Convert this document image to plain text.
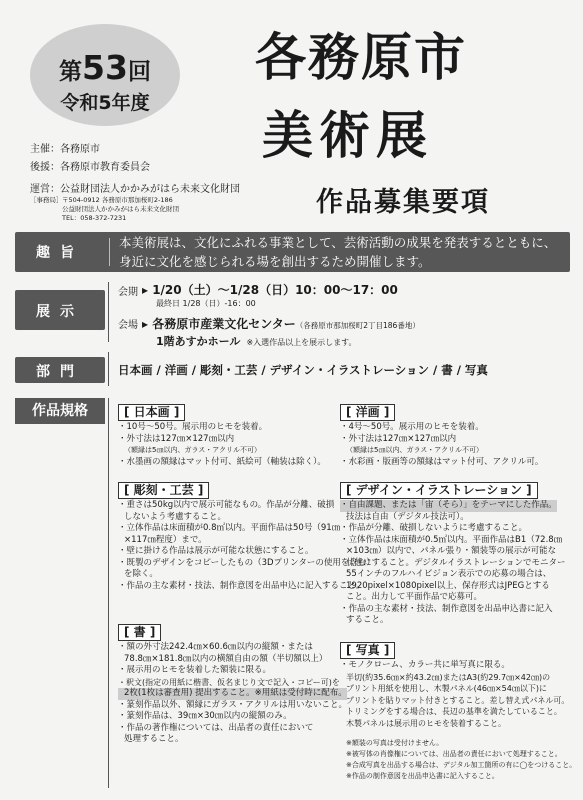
第53回
令和5年度
各務原市
美術展
作品募集要項
主催：各務原市
後援：各務原市教育委員会
運営：公益財団法人かかみがはら未来文化財団
［事務局］ 〒504-0912 各務原市那加桜町2-186
公益財団法人かかみがはら未来文化財団
TEL：058-372-7231
趣旨
本美術展は、文化にふれる事業として、芸術活動の成果を発表するとともに、
身近に文化を感じられる場を創出するため開催します。
展示
会期 ▸ 1/20（土）～1/28（日）10：00～17：00
最終日 1/28（日）-16：00
会場 ▸ 各務原市産業文化センター（各務原市那加桜町2丁目186番地）
1階あすかホール ※入選作品以上を展示します。
部門	日本画 / 洋画 / 彫刻・工芸 / デザイン・イラストレーション / 書 / 写真
作品規格	[ 日本画 ]
・10号～50号。展示用のヒモを装着。
・外寸法は127㎝×127㎝以内
（額縁は5㎝以内、ガラス・アクリル不可）
・水墨画の額縁はマット付可、紙絵可（軸装は除く）。
[ 洋画 ]
・4号～50号。展示用のヒモを装着。
・外寸法は127㎝×127㎝以内
（額縁は5㎝以内、ガラス・アクリル不可）
・水彩画・版画等の額縁はマット付可、アクリル可。
[ 彫刻・工芸 ]
・重さは50kg以内で展示可能なもの。作品が分離、破損
しないよう考慮すること。
・立体作品は床面積が0.8㎡以内。平面作品は50号（91㎝
×117㎝程度）まで。
・壁に掛ける作品は展示が可能な状態にすること。
・既製のデザインをコピーしたもの（3Dプリンターの使用を含む）
を除く。
・作品の主な素材・技法、制作意図を出品申込に記入すること。
[ デザイン・イラストレーション ]
・自由課題、または「宙（そら）」をテーマにした作品。
技法は自由（デジタル技法可）。
・作品が分離、破損しないように考慮すること。
・立体作品は床面積が0.5㎡以内。平面作品はB1（72.8㎝
×103㎝）以内で、パネル張り・額装等の展示が可能な
状態にすること。デジタルイラストレーションでモニター
55インチのフルハイビジョン表示での応募の場合は、
1920pixel×1080pixel以上、保存形式はJPEGとする
こと。出力して平面作品で応募可。
・作品の主な素材・技法、制作意図を出品申込書に記入
すること。
[ 書 ]
・額の外寸法242.4㎝×60.6㎝以内の縦額・または
78.8㎝×181.8㎝以内の横額自由の額（半切額以上）
・展示用のヒモを装着した額装に限る。
・釈文(指定の用紙に楷書、仮名まじり文で記入・コピー可)を
2枚(1枚は審査用) 提出すること。※用紙は受付時に配布。
・篆刻作品以外、額縁にガラス・アクリルは用いないこと。
・篆刻作品は、39㎝×30㎝以内の縦額のみ。
・作品の著作権については、出品者の責任において
処理すること。
[ 写真 ]
・モノクローム、カラー共に単写真に限る。
半切(約35.6㎝×約43.2㎝)またはA3(約29.7㎝×42㎝)の
プリント用紙を使用し、木製パネル(46㎝×54㎝以下)に
プリントを貼りマット付きとすること。差し替え式パネル可。
トリミングをする場合は、長辺の基準を満たしていること。
木製パネルは展示用のヒモを装着すること。
※額装の写真は受付けません。
※被写体の肖像権については、出品者の責任において処理すること。
※合成写真を出品する場合は、デジタル加工箇所の有に◯をつけること。
※作品の制作意図を出品申込書に記入すること。
